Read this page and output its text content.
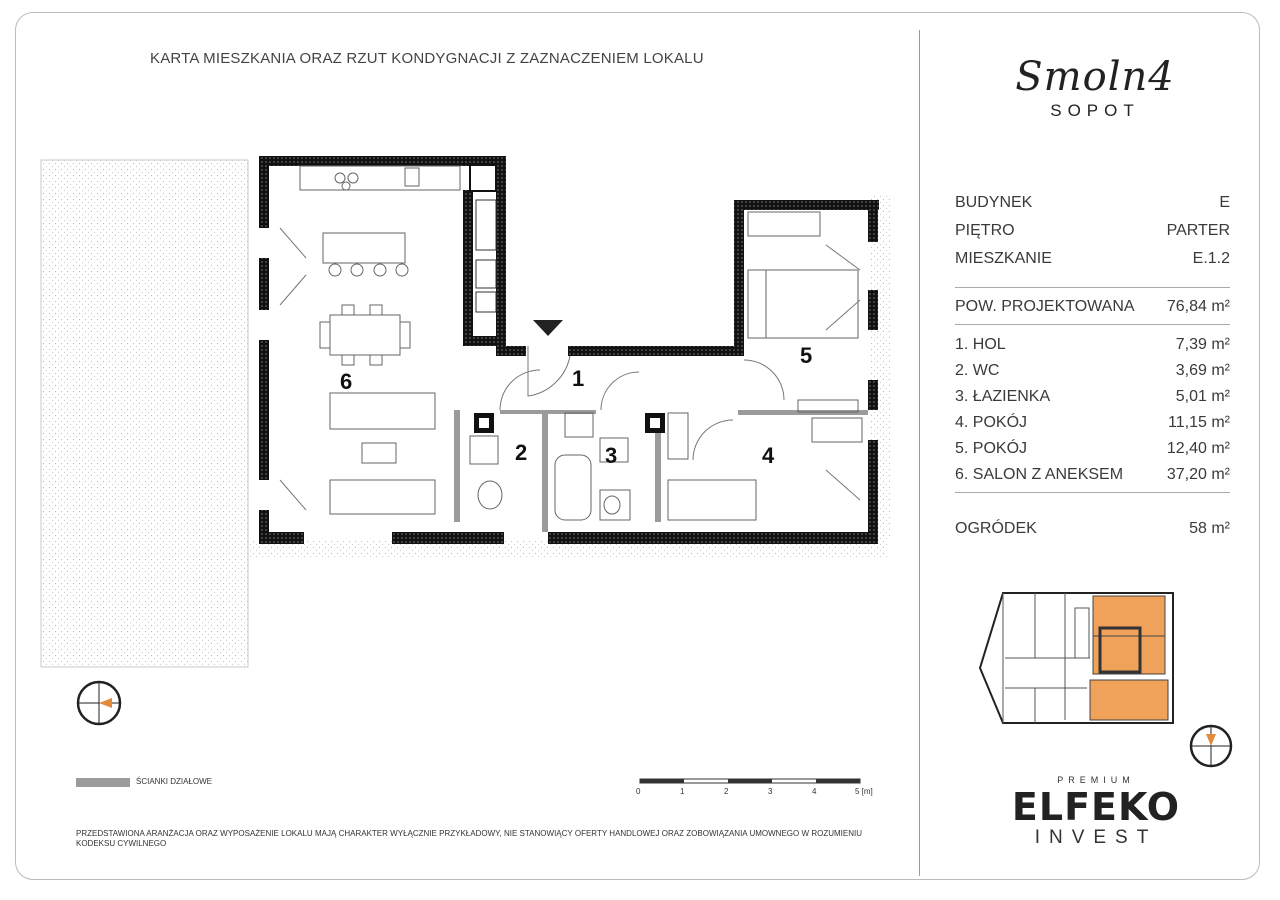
KARTA MIESZKANIA ORAZ RZUT KONDYGNACJI Z ZAZNACZENIEM LOKALU
1
2	3	4
5
6
ŚCIANKI DZIAŁOWE
0	1	2	3	4	5 [m]
PRZEDSTAWIONA ARANŻACJA ORAZ WYPOSAŻENIE LOKALU MAJĄ CHARAKTER WYŁĄCZNIE PRZYKŁADOWY, NIE STANOWIĄCY OFERTY HANDLOWEJ ORAZ ZOBOWIĄZANIA UMOWNEGO W ROZUMIENIU KODEKSU CYWILNEGO
Smoln4
SOPOT
BUDYNEK	E
PIĘTRO	PARTER
MIESZKANIE	E.1.2
POW. PROJEKTOWANA 76,84 m²
1. HOL	7,39 m²
2. WC	3,69 m²
3. ŁAZIENKA	5,01 m²
4. POKÓJ	11,15 m²
5. POKÓJ	12,40 m²
6. SALON Z ANEKSEM	37,20 m²
OGRÓDEK	58 m²
PREMIUM
ELFEKO
INVEST
